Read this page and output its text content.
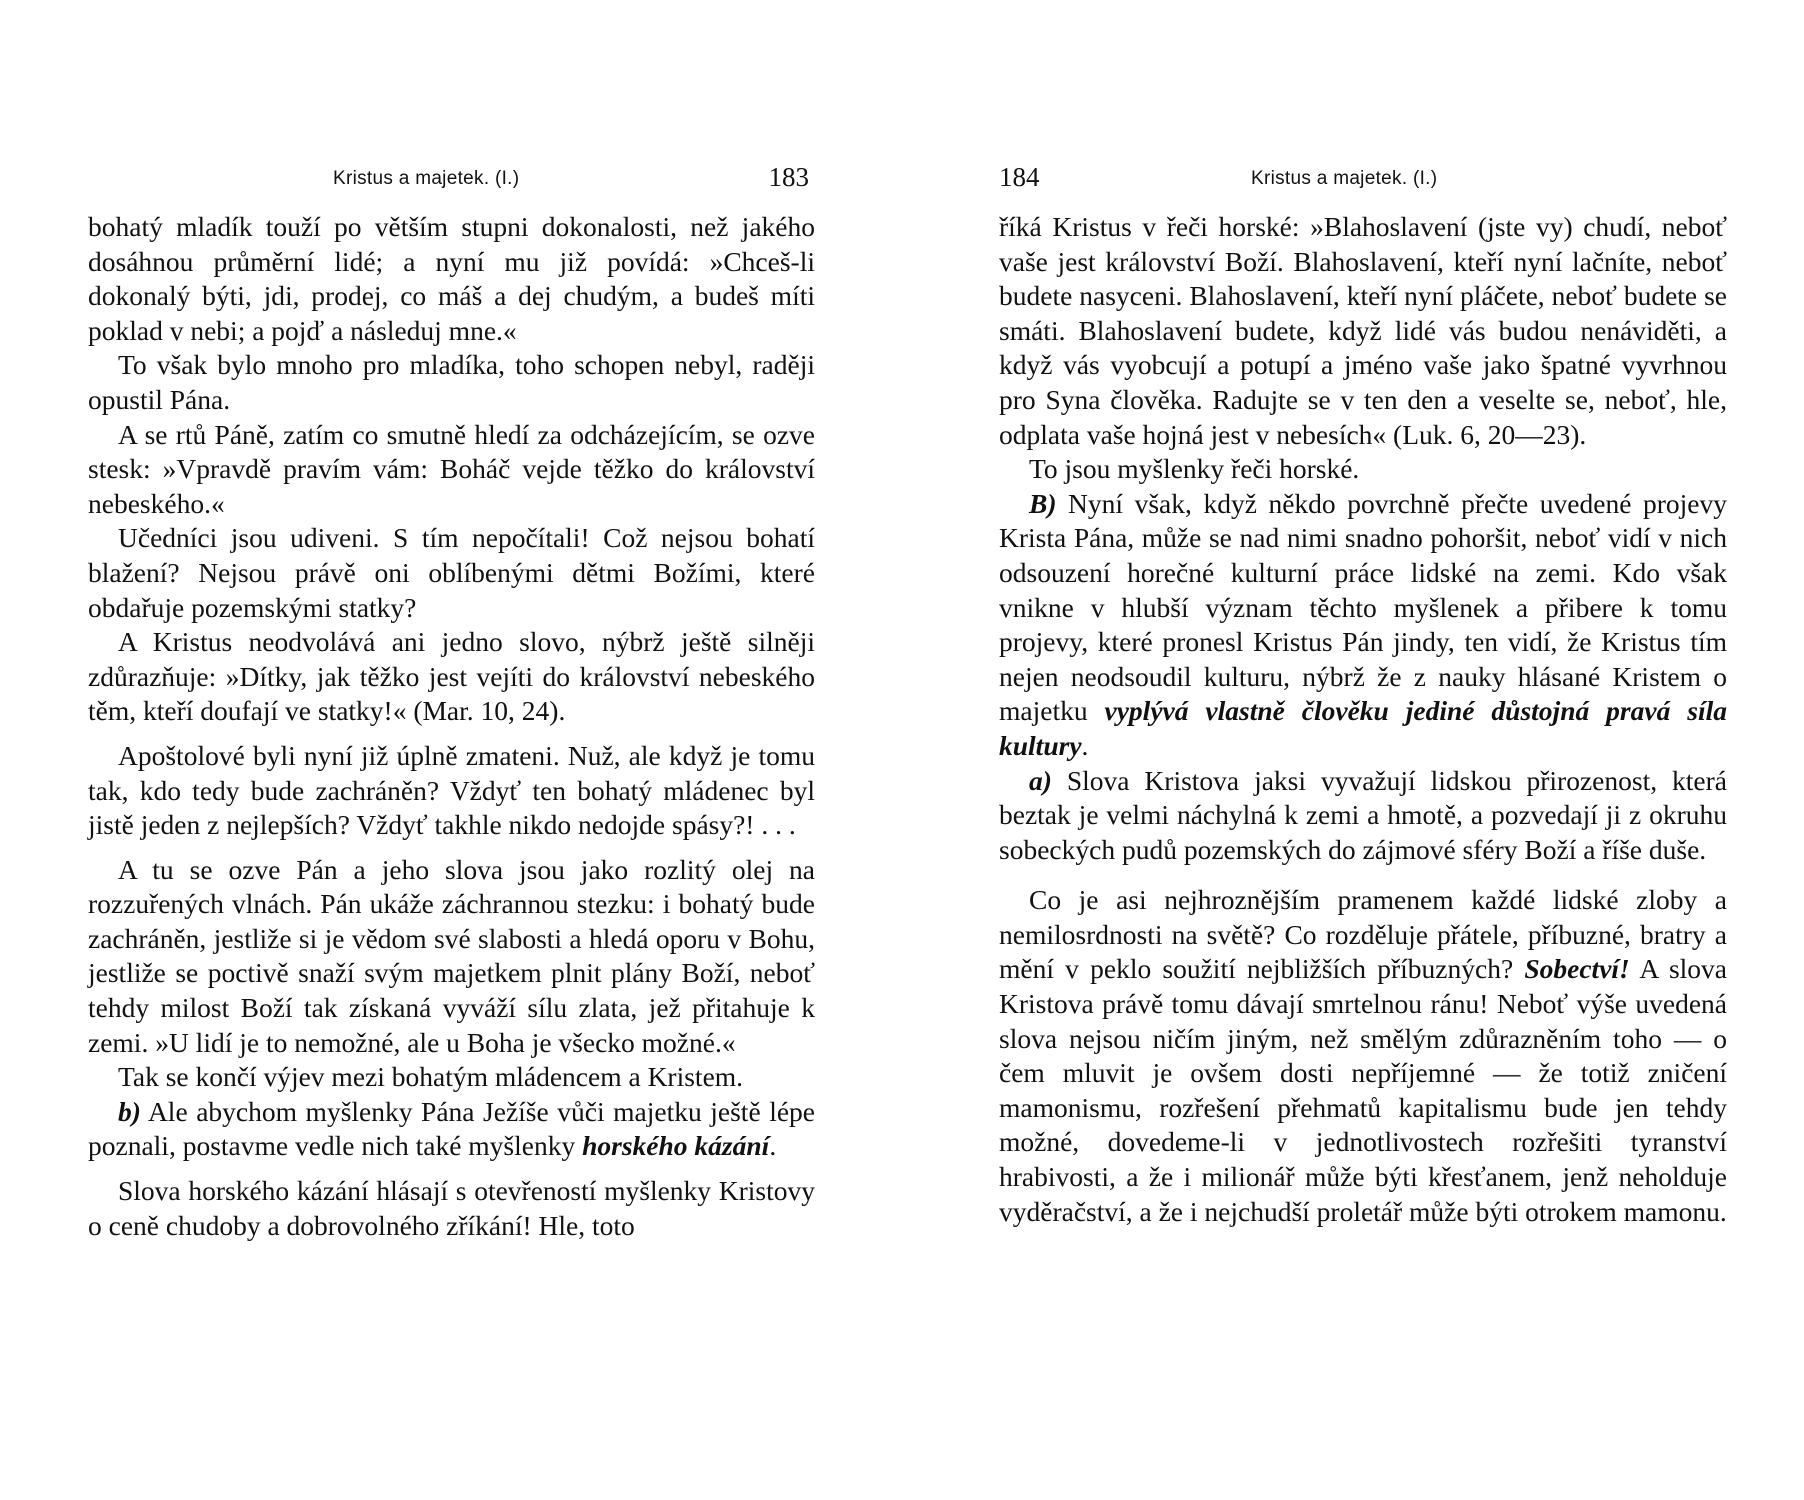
Kristus a majetek. (I.)	183

bohatý mladík touží po větším stupni dokonalosti, než jakého dosáhnou průměrní lidé; a nyní mu již povídá: »Chceš-li dokonalý býti, jdi, prodej, co máš a dej chudým, a budeš míti poklad v nebi; a pojď a následuj mne.«

To však bylo mnoho pro mladíka, toho schopen nebyl, raději opustil Pána.

A se rtů Páně, zatím co smutně hledí za odcházejícím, se ozve stesk: »Vpravdě pravím vám: Boháč vejde těžko do království nebeského.«

Učedníci jsou udiveni. S tím nepočítali! Což nejsou bohatí blažení? Nejsou právě oni oblíbenými dětmi Božími, které obdařuje pozemskými statky?

A Kristus neodvolává ani jedno slovo, nýbrž ještě silněji zdůrazňuje: »Dítky, jak těžko jest vejíti do království nebeského těm, kteří doufají ve statky!« (Mar. 10, 24).

Apoštolové byli nyní již úplně zmateni. Nuž, ale když je tomu tak, kdo tedy bude zachráněn? Vždyť ten bohatý mládenec byl jistě jeden z nejlepších? Vždyť takhle nikdo nedojde spásy?! . . .

A tu se ozve Pán a jeho slova jsou jako rozlitý olej na rozzuřených vlnách. Pán ukáže záchrannou stezku: i bohatý bude zachráněn, jestliže si je vědom své slabosti a hledá oporu v Bohu, jestliže se poctivě snaží svým majetkem plnit plány Boží, neboť tehdy milost Boží tak získaná vyváží sílu zlata, jež přitahuje k zemi. »U lidí je to nemožné, ale u Boha je všecko možné.«

Tak se končí výjev mezi bohatým mládencem a Kristem.

b) Ale abychom myšlenky Pána Ježíše vůči majetku ještě lépe poznali, postavme vedle nich také myšlenky horského kázání.

Slova horského kázání hlásají s otevřeností myšlenky Kristovy o ceně chudoby a dobrovolného zříkání! Hle, toto

184	Kristus a majetek. (I.)

říká Kristus v řeči horské: »Blahoslavení (jste vy) chudí, neboť vaše jest království Boží. Blahoslavení, kteří nyní lačníte, neboť budete nasyceni. Blahoslavení, kteří nyní pláčete, neboť budete se smáti. Blahoslavení budete, když lidé vás budou nenáviděti, a když vás vyobcují a potupí a jméno vaše jako špatné vyvrhnou pro Syna člověka. Radujte se v ten den a veselte se, neboť, hle, odplata vaše hojná jest v nebesích« (Luk. 6, 20—23).

To jsou myšlenky řeči horské.

B) Nyní však, když někdo povrchně přečte uvedené projevy Krista Pána, může se nad nimi snadno pohoršit, neboť vidí v nich odsouzení horečné kulturní práce lidské na zemi. Kdo však vnikne v hlubší význam těchto myšlenek a přibere k tomu projevy, které pronesl Kristus Pán jindy, ten vidí, že Kristus tím nejen neodsoudil kulturu, nýbrž že z nauky hlásané Kristem o majetku vyplývá vlastně člověku jediné důstojná pravá síla kultury.

a) Slova Kristova jaksi vyvažují lidskou přirozenost, která beztak je velmi náchylná k zemi a hmotě, a pozvedají ji z okruhu sobeckých pudů pozemských do zájmové sféry Boží a říše duše.

Co je asi nejhroznějším pramenem každé lidské zloby a nemilosrdnosti na světě? Co rozděluje přátele, příbuzné, bratry a mění v peklo soužití nejbližších příbuzných? Sobectví! A slova Kristova právě tomu dávají smrtelnou ránu! Neboť výše uvedená slova nejsou ničím jiným, než smělým zdůrazněním toho — o čem mluvit je ovšem dosti nepříjemné — že totiž zničení mamonismu, rozřešení přehmatů kapitalismu bude jen tehdy možné, dovedeme-li v jednotlivostech rozřešiti tyranství hrabivosti, a že i milionář může býti křesťanem, jenž neholduje vyděračství, a že i nejchudší proletář může býti otrokem mamonu.
